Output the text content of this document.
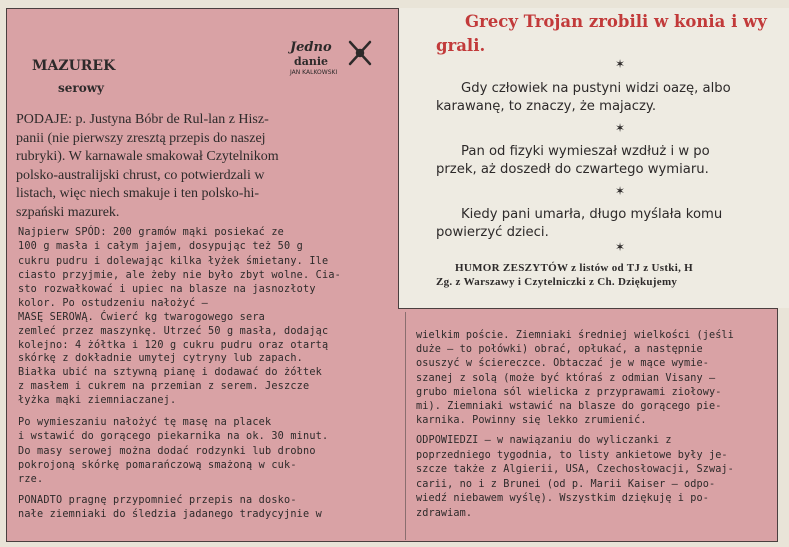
MAZUREK
serowy
Jedno
danie
JAN KALKOWSKI
PODAJE: p. Justyna Bóbr de Rul-lan z Hisz-
panii (nie pierwszy zresztą przepis do naszej
rubryki). W karnawale smakował Czytelnikom
polsko-australijski chrust, co potwierdzali w
listach, więc niech smakuje i ten polsko-hi-
szpański mazurek.
Najpierw SPÓD: 200 gramów mąki posiekać ze
100 g masła i całym jajem, dosypując też 50 g
cukru pudru i dolewając kilka łyżek śmietany. Ile
ciasto przyjmie, ale żeby nie było zbyt wolne. Cia-
sto rozwałkować i upiec na blasze na jasnozłoty
kolor. Po ostudzeniu nałożyć —
MASĘ SEROWĄ. Ćwierć kg twarogowego sera
zemleć przez maszynkę. Utrzeć 50 g masła, dodając
kolejno: 4 żółtka i 120 g cukru pudru oraz otartą
skórkę z dokładnie umytej cytryny lub zapach.
Białka ubić na sztywną pianę i dodawać do żółtek
z masłem i cukrem na przemian z serem. Jeszcze
łyżka mąki ziemniaczanej.
Po wymieszaniu nałożyć tę masę na placek
i wstawić do gorącego piekarnika na ok. 30 minut.
Do masy serowej można dodać rodzynki lub drobno
pokrojoną skórkę pomarańczową smażoną w cuk-
rze.
PONADTO pragnę przypomnieć przepis na dosko-
nałe ziemniaki do śledzia jadanego tradycyjnie w
wielkim poście. Ziemniaki średniej wielkości (jeśli
duże — to połówki) obrać, opłukać, a następnie
osuszyć w ściereczce. Obtaczać je w mące wymie-
szanej z solą (może być któraś z odmian Visany —
grubo mielona sól wielicka z przyprawami ziołowy-
mi). Ziemniaki wstawić na blasze do gorącego pie-
karnika. Powinny się lekko zrumienić.
ODPOWIEDZI — w nawiązaniu do wyliczanki z
poprzedniego tygodnia, to listy ankietowe były je-
szcze także z Algierii, USA, Czechosłowacji, Szwaj-
carii, no i z Brunei (od p. Marii Kaiser — odpo-
wiedź niebawem wyślę). Wszystkim dziękuję i po-
zdrawiam.
Grecy Trojan zrobili w konia i wy
grali.
✶
Gdy człowiek na pustyni widzi oazę, albo
karawanę, to znaczy, że majaczy.
✶
Pan od fizyki wymieszał wzdłuż i w po
przek, aż doszedł do czwartego wymiaru.
✶
Kiedy pani umarła, długo myślała komu
powierzyć dzieci.
✶
HUMOR ZESZYTÓW z listów od TJ z Ustki, H
Zg. z Warszawy i Czytelniczki z Ch. Dziękujemy
